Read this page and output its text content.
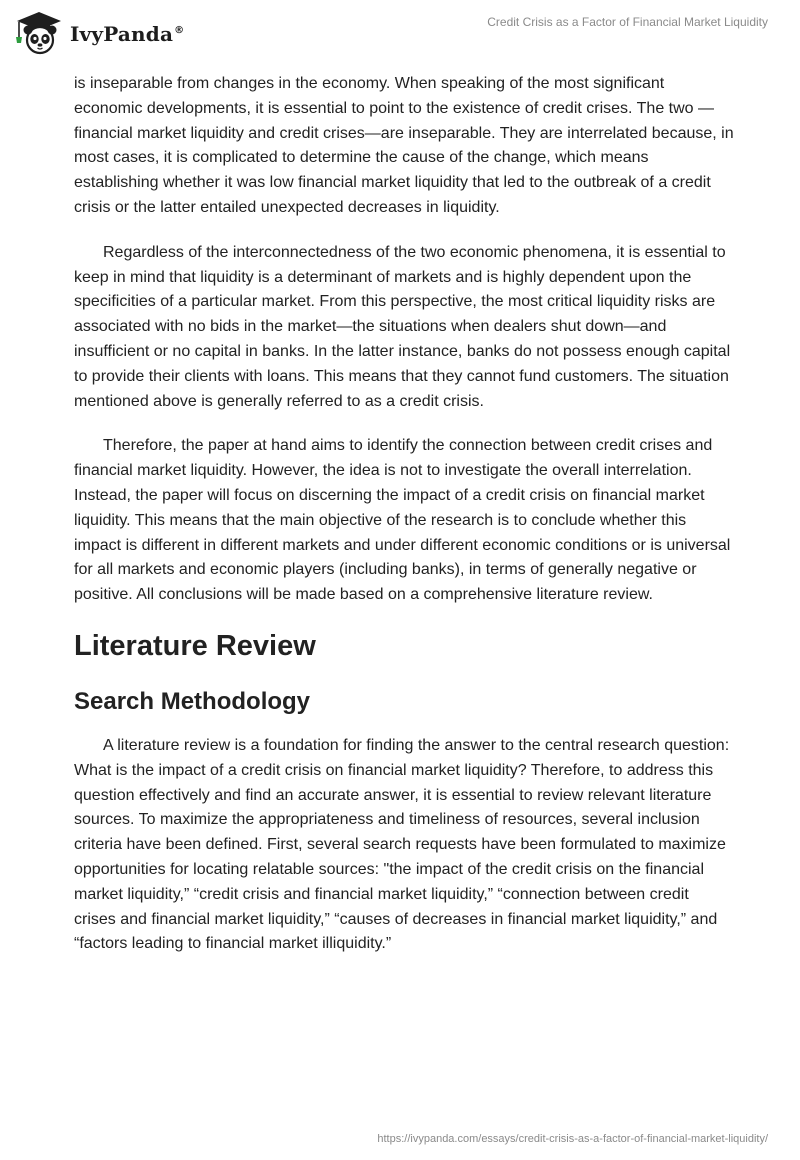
IvyPanda®
Credit Crisis as a Factor of Financial Market Liquidity

is inseparable from changes in the economy. When speaking of the most significant economic developments, it is essential to point to the existence of credit crises. The two —financial market liquidity and credit crises—are inseparable. They are interrelated because, in most cases, it is complicated to determine the cause of the change, which means establishing whether it was low financial market liquidity that led to the outbreak of a credit crisis or the latter entailed unexpected decreases in liquidity.

Regardless of the interconnectedness of the two economic phenomena, it is essential to keep in mind that liquidity is a determinant of markets and is highly dependent upon the specificities of a particular market. From this perspective, the most critical liquidity risks are associated with no bids in the market—the situations when dealers shut down—and insufficient or no capital in banks. In the latter instance, banks do not possess enough capital to provide their clients with loans. This means that they cannot fund customers. The situation mentioned above is generally referred to as a credit crisis.

Therefore, the paper at hand aims to identify the connection between credit crises and financial market liquidity. However, the idea is not to investigate the overall interrelation. Instead, the paper will focus on discerning the impact of a credit crisis on financial market liquidity. This means that the main objective of the research is to conclude whether this impact is different in different markets and under different economic conditions or is universal for all markets and economic players (including banks), in terms of generally negative or positive. All conclusions will be made based on a comprehensive literature review.

Literature Review
Search Methodology

A literature review is a foundation for finding the answer to the central research question: What is the impact of a credit crisis on financial market liquidity? Therefore, to address this question effectively and find an accurate answer, it is essential to review relevant literature sources. To maximize the appropriateness and timeliness of resources, several inclusion criteria have been defined. First, several search requests have been formulated to maximize opportunities for locating relatable sources: "the impact of the credit crisis on the financial market liquidity,” “credit crisis and financial market liquidity,” “connection between credit crises and financial market liquidity,” “causes of decreases in financial market liquidity,” and “factors leading to financial market illiquidity.”

https://ivypanda.com/essays/credit-crisis-as-a-factor-of-financial-market-liquidity/
